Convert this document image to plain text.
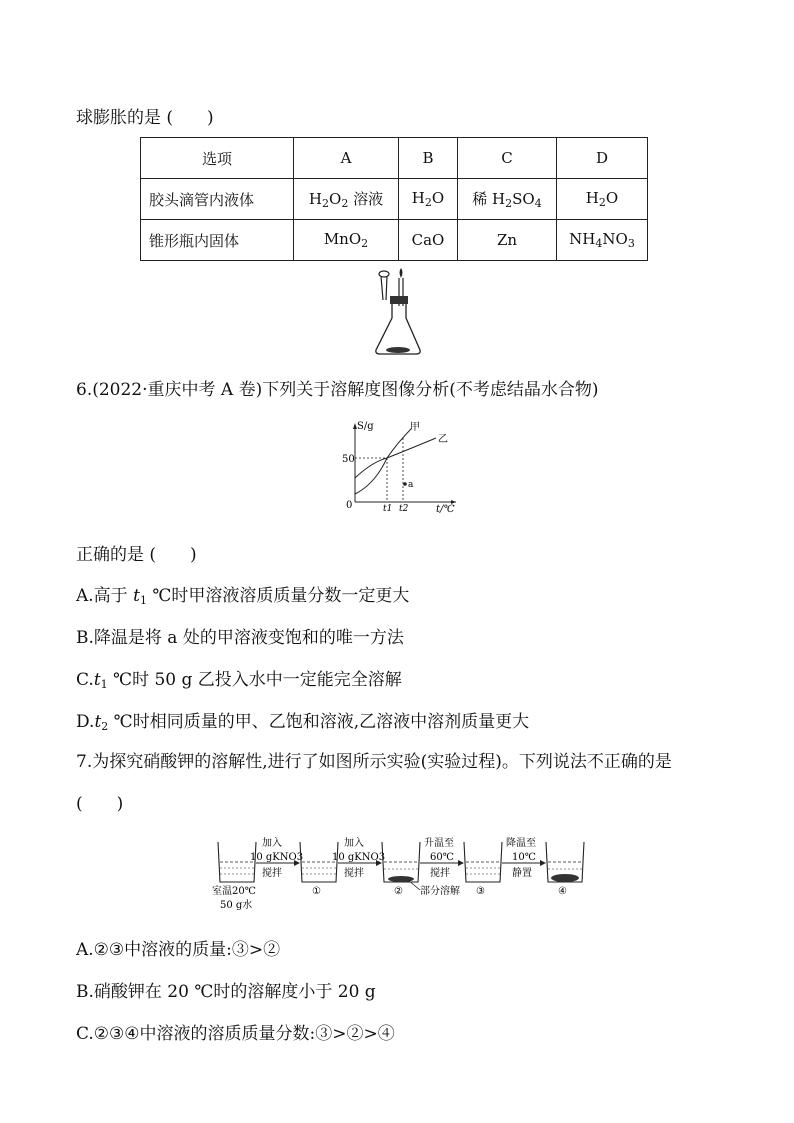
球膨胀的是 (　　)
选项	A	B	C	D
胶头滴管内液体	$H_2O_2$ 溶液	$H_2O$	稀 $H_2SO_4$	$H_2O$
锥形瓶内固体	MnO$_2$	CaO	Zn	$NH_4NO_3$
6.(2022·重庆中考 A 卷)下列关于溶解度图像分析(不考虑结晶水合物)
S/g
50
0	t/℃
甲
乙
a
t1 t2
正确的是 (　　)
A.高于 $t_1$ ℃时甲溶液溶质质量分数一定更大
B.降温是将 a 处的甲溶液变饱和的唯一方法
$C.t_1$ ℃时 50 g 乙投入水中一定能完全溶解
$D.t_2$ ℃时相同质量的甲、乙饱和溶液,乙溶液中溶剂质量更大
7.为探究硝酸钾的溶解性,进行了如图所示实验(实验过程)。下列说法不正确的是
(　　)
室温20℃
50 g水
加入
10 gKNO3
搅拌
①
加入
10 gKNO3
搅拌
② 部分溶解
升温至
60℃
搅拌
③
降温至
10℃
静置
④
A.②③中溶液的质量:③>②
B.硝酸钾在 20 ℃时的溶解度小于 20 g
C.②③④中溶液的溶质质量分数:③>②>④
